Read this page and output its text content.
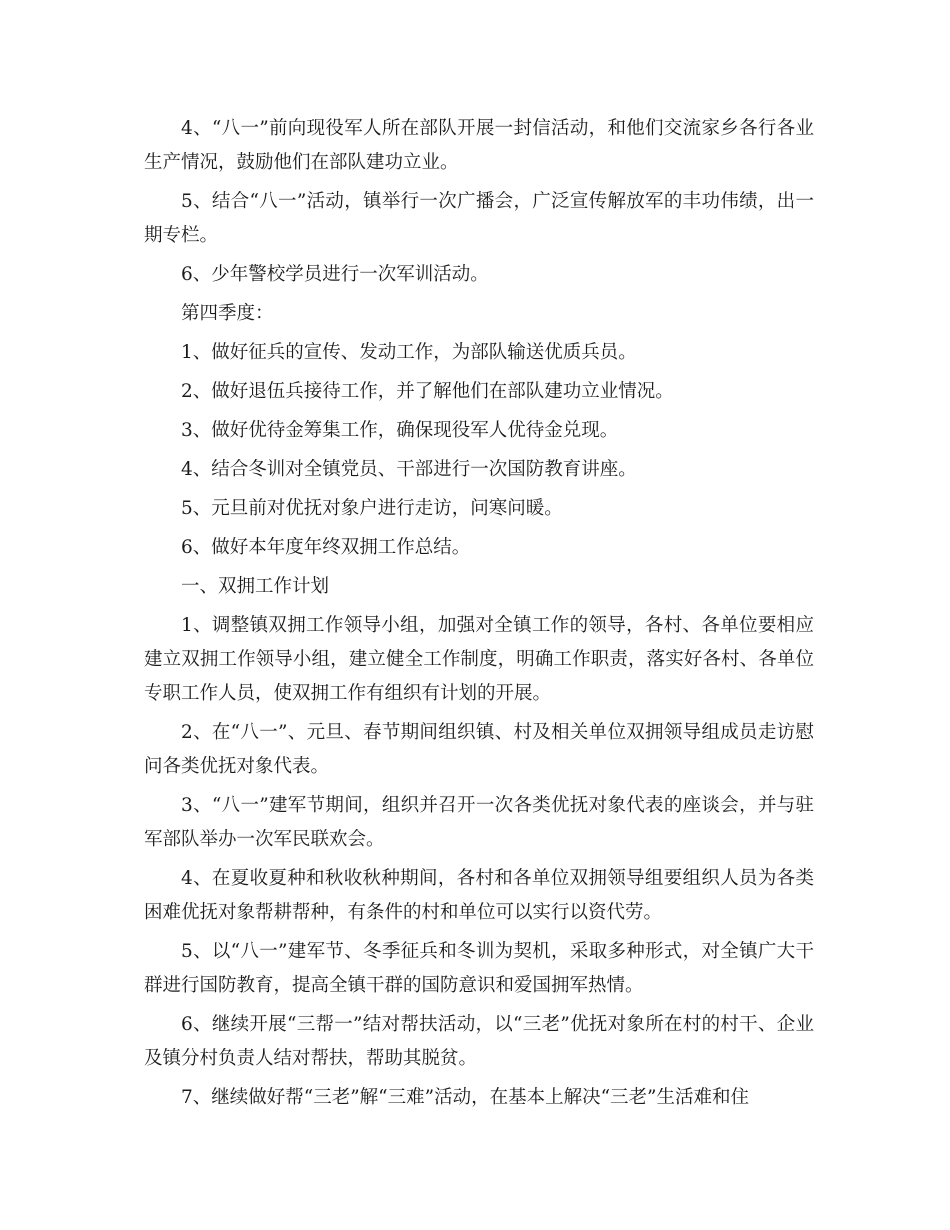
4、“八一”前向现役军人所在部队开展一封信活动，和他们交流家乡各行各业生产情况，鼓励他们在部队建功立业。

5、结合“八一”活动，镇举行一次广播会，广泛宣传解放军的丰功伟绩，出一期专栏。

6、少年警校学员进行一次军训活动。

第四季度：

1、做好征兵的宣传、发动工作，为部队输送优质兵员。

2、做好退伍兵接待工作，并了解他们在部队建功立业情况。

3、做好优待金筹集工作，确保现役军人优待金兑现。

4、结合冬训对全镇党员、干部进行一次国防教育讲座。

5、元旦前对优抚对象户进行走访，问寒问暖。

6、做好本年度年终双拥工作总结。

一、双拥工作计划

1、调整镇双拥工作领导小组，加强对全镇工作的领导，各村、各单位要相应建立双拥工作领导小组，建立健全工作制度，明确工作职责，落实好各村、各单位专职工作人员，使双拥工作有组织有计划的开展。

2、在“八一”、元旦、春节期间组织镇、村及相关单位双拥领导组成员走访慰问各类优抚对象代表。

3、“八一”建军节期间，组织并召开一次各类优抚对象代表的座谈会，并与驻军部队举办一次军民联欢会。

4、在夏收夏种和秋收秋种期间，各村和各单位双拥领导组要组织人员为各类困难优抚对象帮耕帮种，有条件的村和单位可以实行以资代劳。

5、以“八一”建军节、冬季征兵和冬训为契机，采取多种形式，对全镇广大干群进行国防教育，提高全镇干群的国防意识和爱国拥军热情。

6、继续开展“三帮一”结对帮扶活动，以“三老”优抚对象所在村的村干、企业及镇分村负责人结对帮扶，帮助其脱贫。

7、继续做好帮“三老”解“三难”活动，在基本上解决“三老”生活难和住
